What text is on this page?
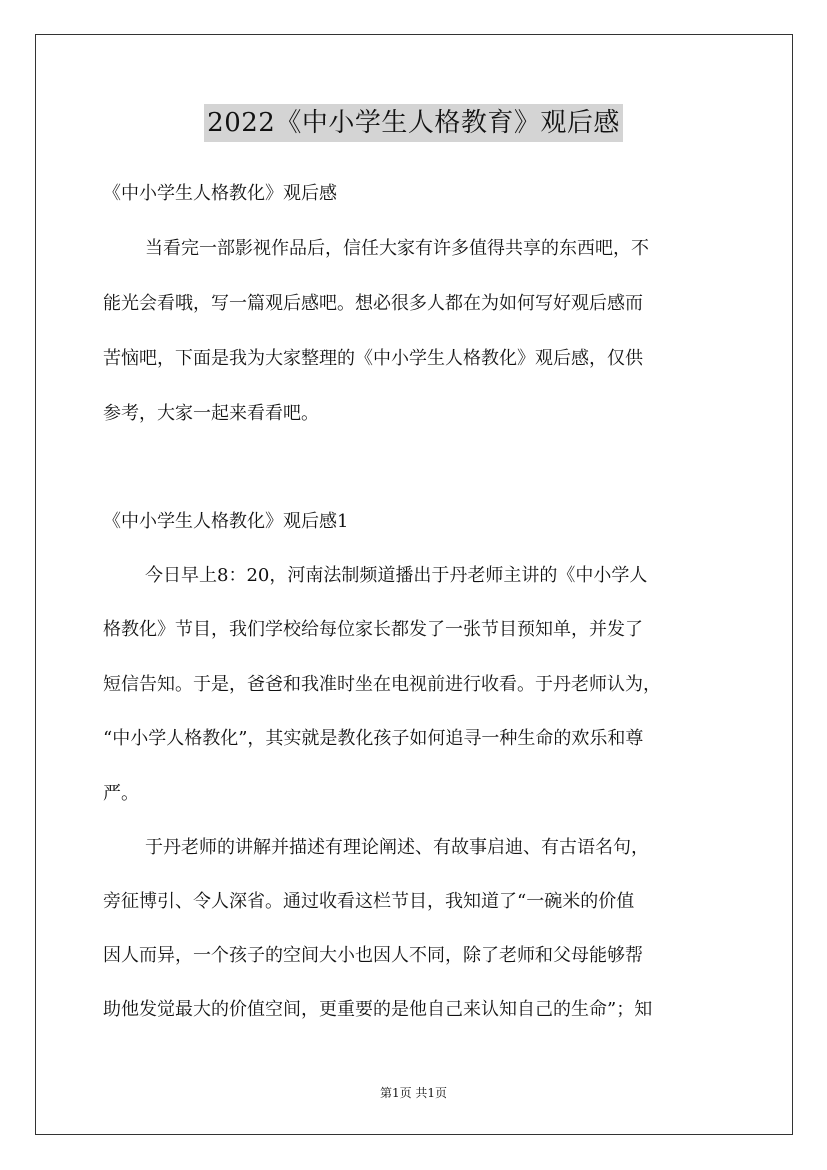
2022《中小学生人格教育》观后感
《中小学生人格教化》观后感
当看完一部影视作品后，信任大家有许多值得共享的东西吧，不
能光会看哦，写一篇观后感吧。想必很多人都在为如何写好观后感而
苦恼吧，下面是我为大家整理的《中小学生人格教化》观后感，仅供
参考，大家一起来看看吧。
《中小学生人格教化》观后感1
今日早上8：20，河南法制频道播出于丹老师主讲的《中小学人
格教化》节目，我们学校给每位家长都发了一张节目预知单，并发了
短信告知。于是，爸爸和我准时坐在电视前进行收看。于丹老师认为，
“中小学人格教化”，其实就是教化孩子如何追寻一种生命的欢乐和尊
严。
于丹老师的讲解并描述有理论阐述、有故事启迪、有古语名句，
旁征博引、令人深省。通过收看这栏节目，我知道了“一碗米的价值
因人而异，一个孩子的空间大小也因人不同，除了老师和父母能够帮
助他发觉最大的价值空间，更重要的是他自己来认知自己的生命”；知
第1页 共1页
